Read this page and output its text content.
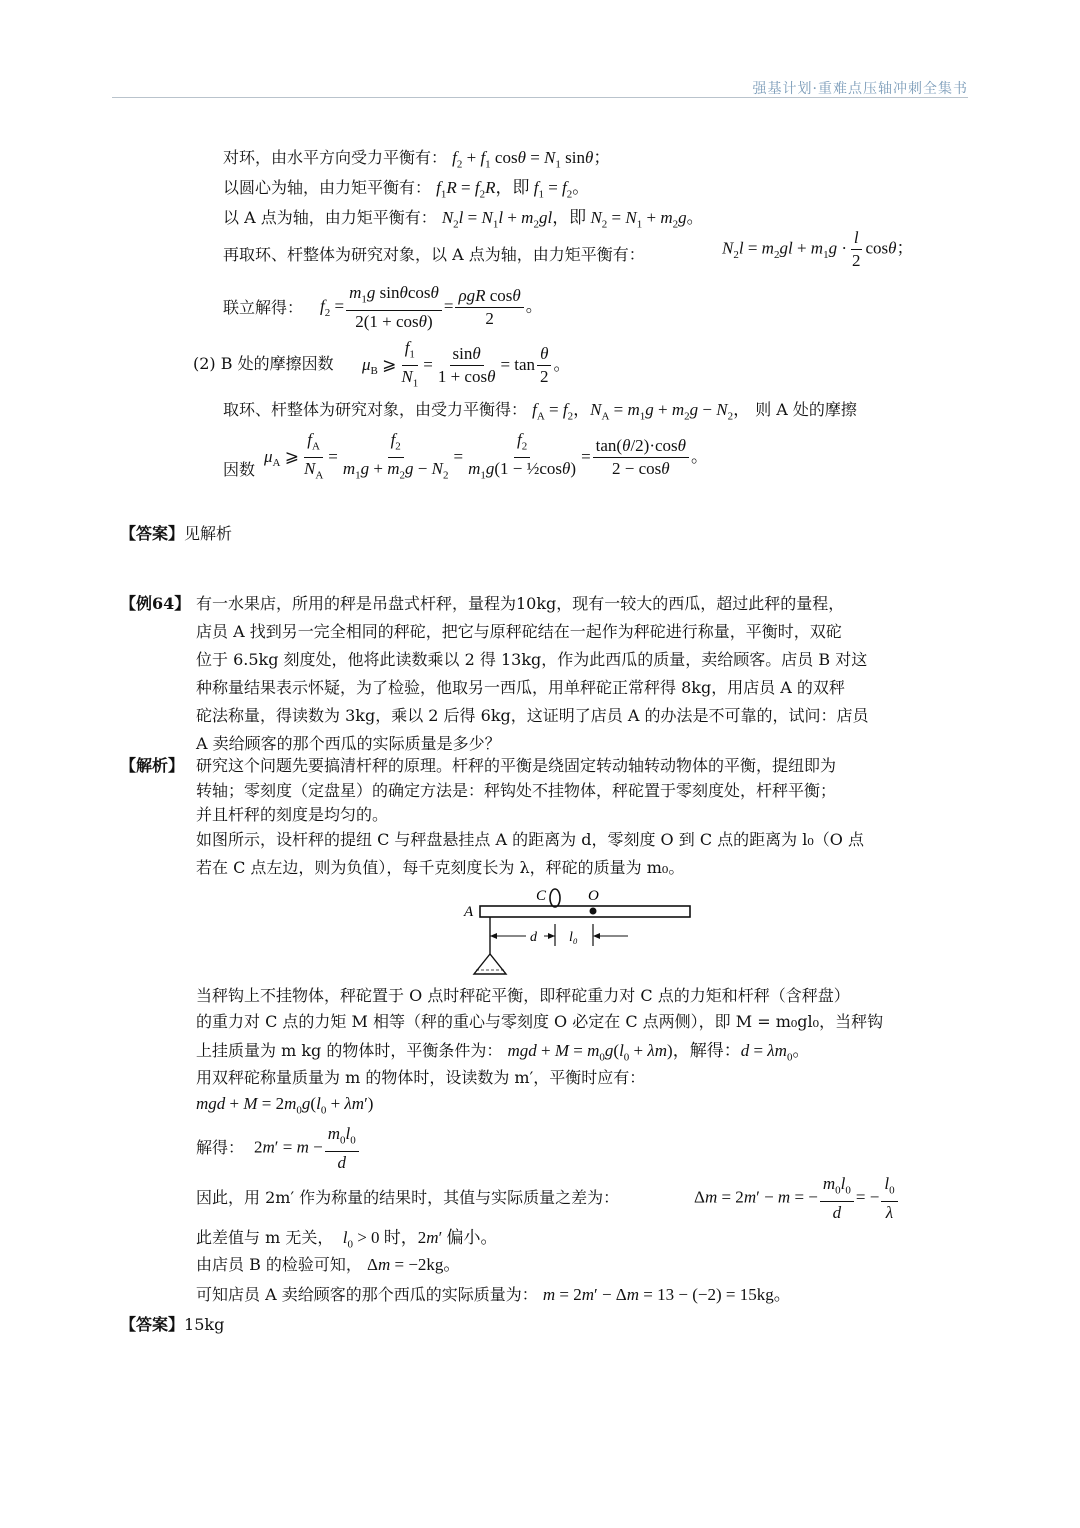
强基计划·重难点压轴冲刺全集书
对环，由水平方向受力平衡有： $f_2 + f_1$ $\cos\theta = N_1$ sinθ；
以圆心为轴，由力矩平衡有： $f_1R = f_2R$，即 $f_1 = f_2$。
以 A 点为轴，由力矩平衡有： $N_2l = N_1l + m_2gl$，即 $N_2 = N_1 + m_2g$。
再取环、杆整体为研究对象，以 A 点为轴，由力矩平衡有：	$N_2l = m_2gl + m_1g \cdot \frac{l}{2}$ cosθ；
联立解得： $f_2 = \frac{m_1g \sin\theta\cos\theta}{2(1 + \cos\theta)} = \frac{\text{ρgR cosθ}}{2}$ 。
(2) B 处的摩擦因数 $\mu_B$ ⩾ $\frac{f_1}{N_1} = \frac{\sin\theta}{1 + \cos\theta} = \tan \frac{\theta}{2}$ 。
取环、杆整体为研究对象，由受力平衡得： $f_A = f_2$，$N_A = m_1g + m_2g - N_2$， 则 A 处的摩擦
因数
$\mu_A$ ⩾ $\frac{f_A}{N_A} = \frac{f_2}{m_1g + m_2g - N_2} = \frac{f_2}{m_1g(1 - \frac{1}{2}\cos\theta)} = \frac{\tan(\theta/2)\cdot\cos\theta}{2 - \cos\theta}$ 。
【答案】见解析
【例64】 有一水果店，所用的秤是吊盘式杆秤，量程为10kg，现有一较大的西瓜，超过此秤的量程，
店员 A 找到另一完全相同的秤砣，把它与原秤砣结在一起作为秤砣进行称量，平衡时，双砣
位于 6.5kg 刻度处，他将此读数乘以 2 得 13kg，作为此西瓜的质量，卖给顾客。店员 B 对这
种称量结果表示怀疑，为了检验，他取另一西瓜，用单秤砣正常秤得 8kg，用店员 A 的双秤
砣法称量，得读数为 3kg，乘以 2 后得 6kg，这证明了店员 A 的办法是不可靠的，试问：店员
A 卖给顾客的那个西瓜的实际质量是多少？
【解析】 研究这个问题先要搞清杆秤的原理。杆秤的平衡是绕固定转动轴转动物体的平衡，提纽即为
转轴；零刻度（定盘星）的确定方法是：秤钩处不挂物体，秤砣置于零刻度处，杆秤平衡；
并且杆秤的刻度是均匀的。
如图所示，设杆秤的提纽 C 与秤盘悬挂点 A 的距离为 d，零刻度 O 到 C 点的距离为 l₀（O 点
若在 C 点左边，则为负值），每千克刻度长为 λ，秤砣的质量为 m₀。
C	O
A
d l₀
当秤钩上不挂物体，秤砣置于 O 点时秤砣平衡，即秤砣重力对 C 点的力矩和杆秤（含秤盘）
的重力对 C 点的力矩 M 相等（秤的重心与零刻度 O 必定在 C 点两侧），即 M = m₀gl₀，当秤钩
上挂质量为 m kg 的物体时，平衡条件为： mgd + $M = m_0g(l_0 + \lambda m)$，解得：$d = \lambda m_0$。
用双秤砣称量质量为 m 的物体时，设读数为 m′，平衡时应有：
mgd + $M = 2m_0g(l_0 + \lambda m')$
解得： $2m' = m - \frac{m_0l_0}{d}$
因此，用 2m′ 作为称量的结果时，其值与实际质量之差为：	Δm = 2m′ − m = − $\frac{m_0l_0}{d}$ = − $\frac{l_0}{\lambda}$
此差值与 m 无关， $l_0 > 0$ 时，2m′ 偏小。
由店员 B 的检验可知， Δm = −2kg。
可知店员 A 卖给顾客的那个西瓜的实际质量为： m = 2m′ − Δm = 13 − (−2) = 15kg。
【答案】15kg
